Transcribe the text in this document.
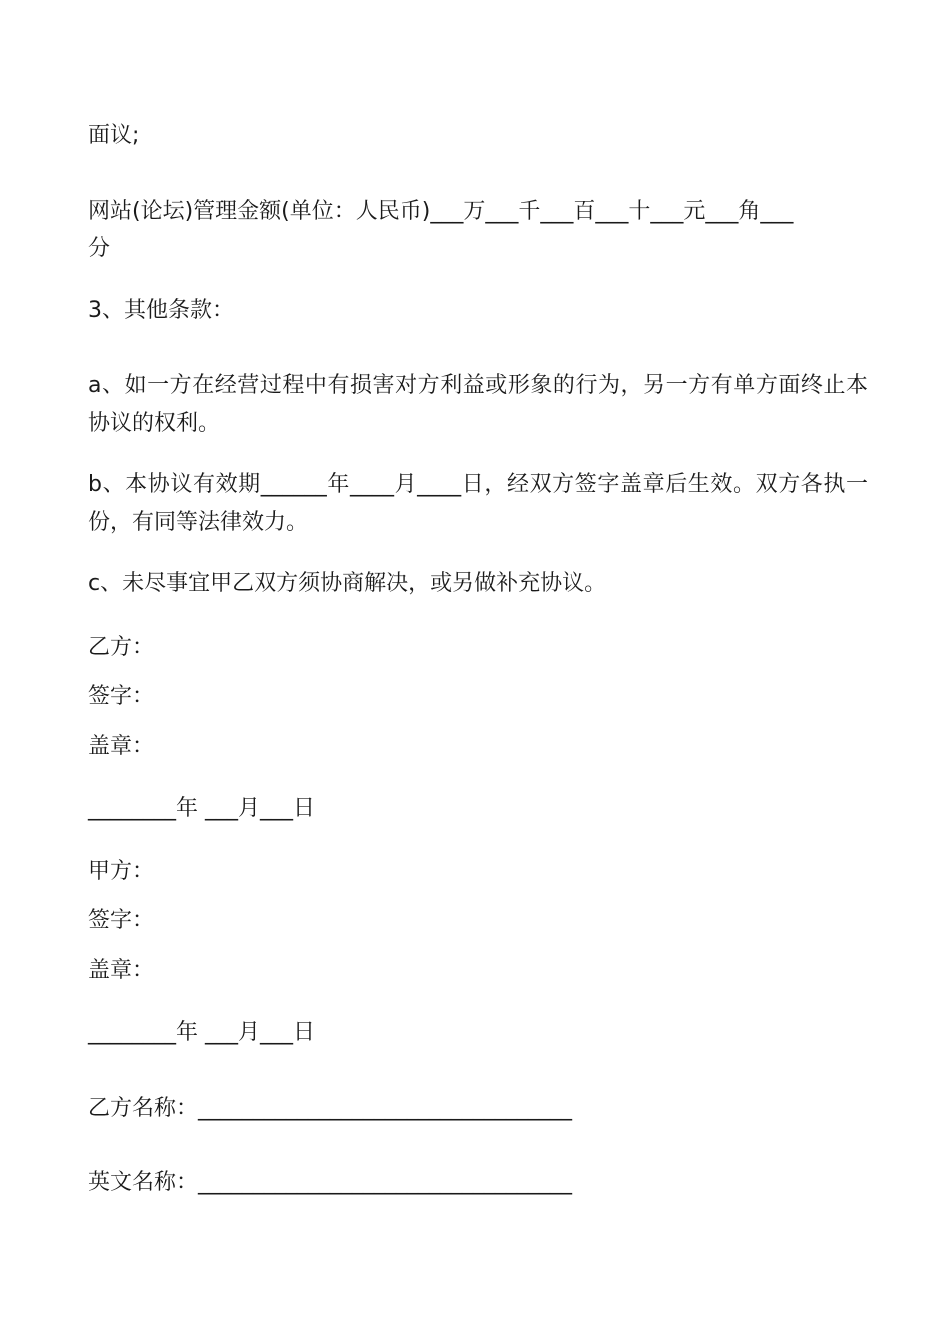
面议;

网站(论坛)管理金额(单位：人民币)___万___千___百___十___元___角___

分

3、其他条款：

a、如一方在经营过程中有损害对方利益或形象的行为，另一方有单方面终止本协议的权利。

b、本协议有效期______年____月____日，经双方签字盖章后生效。双方各执一份，有同等法律效力。

c、未尽事宜甲乙双方须协商解决，或另做补充协议。

乙方：

签字：

盖章：

________年 ___月___日

甲方：

签字：

盖章：

________年 ___月___日

乙方名称：__________________________________

英文名称：__________________________________
